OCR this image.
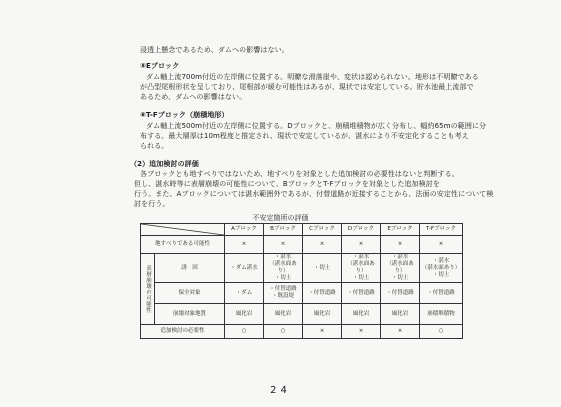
浸透上懸念であるため、ダムへの影響はない。
⑤Eブロック
ダム軸上流700m付近の左岸側に位置する。明瞭な滑落崖や、変状は認められない。地形は不明瞭である
が凸型尾根形状を呈しており、尾根部が緩む可能性はあるが、現状では安定している。貯水池最上流部で
あるため、ダムへの影響はない。
⑥T-Fブロック（崩積地形）
ダム軸上流500m付近の左岸側に位置する。Dブロックと、崩積堆積物が広く分布し、幅約65mの範囲に分
布する。最大層厚は10m程度と推定され、現状で安定しているが、湛水により不安定化することも考え
られる。
（2）追加検討の評価
各ブロックとも地すべりではないため、地すべりを対象とした追加検討の必要性はないと判断する。
但し、湛水時等に表層崩壊の可能性について、BブロックとT-Fブロックを対象とした追加検討を
行う。また、Aブロックについては湛水範囲外であるが、付替道路が近接することから、法面の安定性について検
討を行う。
不安定箇所の評価
	Aブロック	Bブロック	Cブロック	Dブロック	Eブロック	T-Fブロック
地すべりである可能性		×	×	×	×	×	×
表層崩壊の可能性	誘　因	・ダム湛水	・湛水
（湛水面あり）
・切土	・切土	・湛水
（湛水面あり）
・切土	・湛水
（湛水面あり）
・切土	・湛水
（湛水面あり）
・切土
	保全対象	・ダム	・付替道路
・既設堤	・付替道路	・付替道路	・付替道路	・付替道路
	崩壊対象地質	風化岩	風化岩	風化岩	風化岩	風化岩	崩積堆積物
追加検討の必要性		○	○	×	×	×	○
24
